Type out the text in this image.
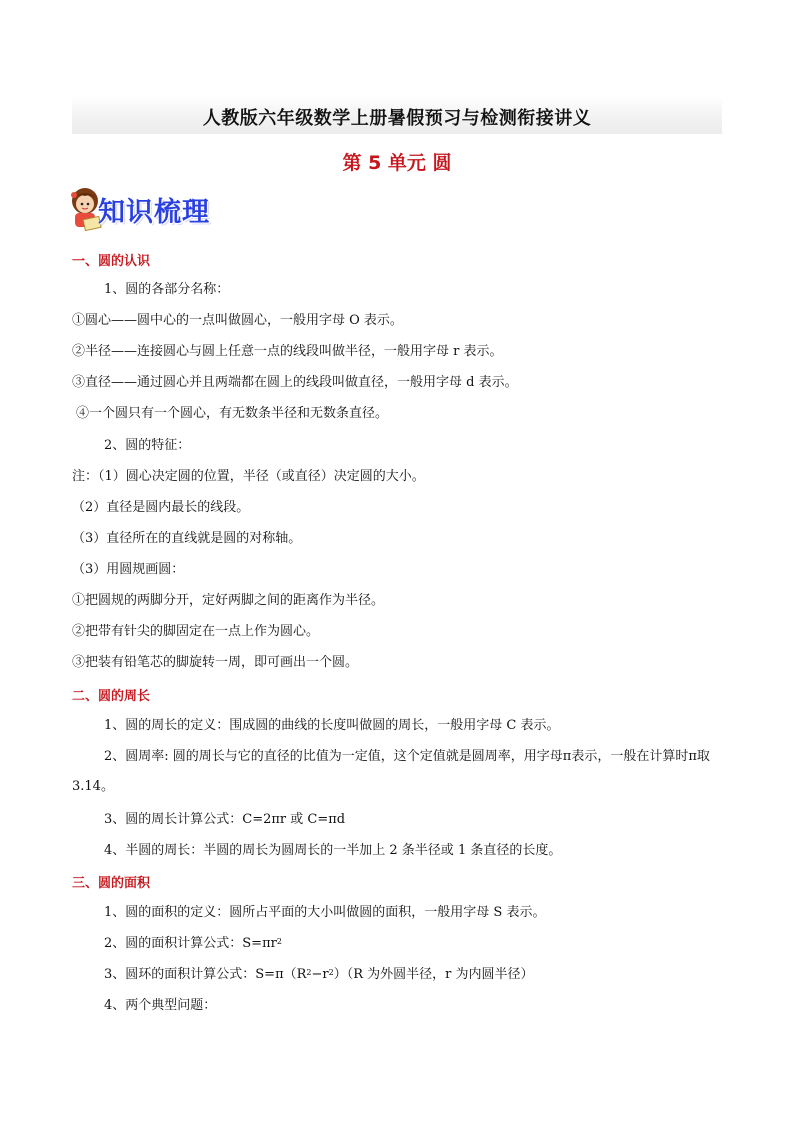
人教版六年级数学上册暑假预习与检测衔接讲义
第 5 单元 圆
知识梳理
一、圆的认识
1、圆的各部分名称：
①圆心——圆中心的一点叫做圆心，一般用字母 O 表示。
②半径——连接圆心与圆上任意一点的线段叫做半径，一般用字母 r 表示。
③直径——通过圆心并且两端都在圆上的线段叫做直径，一般用字母 d 表示。
④一个圆只有一个圆心，有无数条半径和无数条直径。
2、圆的特征：
注：（1）圆心决定圆的位置，半径（或直径）决定圆的大小。
（2）直径是圆内最长的线段。
（3）直径所在的直线就是圆的对称轴。
（3）用圆规画圆：
①把圆规的两脚分开，定好两脚之间的距离作为半径。
②把带有针尖的脚固定在一点上作为圆心。
③把装有铅笔芯的脚旋转一周，即可画出一个圆。
二、圆的周长
1、圆的周长的定义：围成圆的曲线的长度叫做圆的周长，一般用字母 C 表示。
2、圆周率: 圆的周长与它的直径的比值为一定值，这个定值就是圆周率，用字母π表示，一般在计算时π取 3.14。
3、圆的周长计算公式：C=2πr 或 C=πd
4、半圆的周长：半圆的周长为圆周长的一半加上 2 条半径或 1 条直径的长度。
三、圆的面积
1、圆的面积的定义：圆所占平面的大小叫做圆的面积，一般用字母 S 表示。
2、圆的面积计算公式：$S=\pi r^2$
3、圆环的面积计算公式：$S=\pi(R^2-r^2)(R$ 为外圆半径，r 为内圆半径）
4、两个典型问题：
